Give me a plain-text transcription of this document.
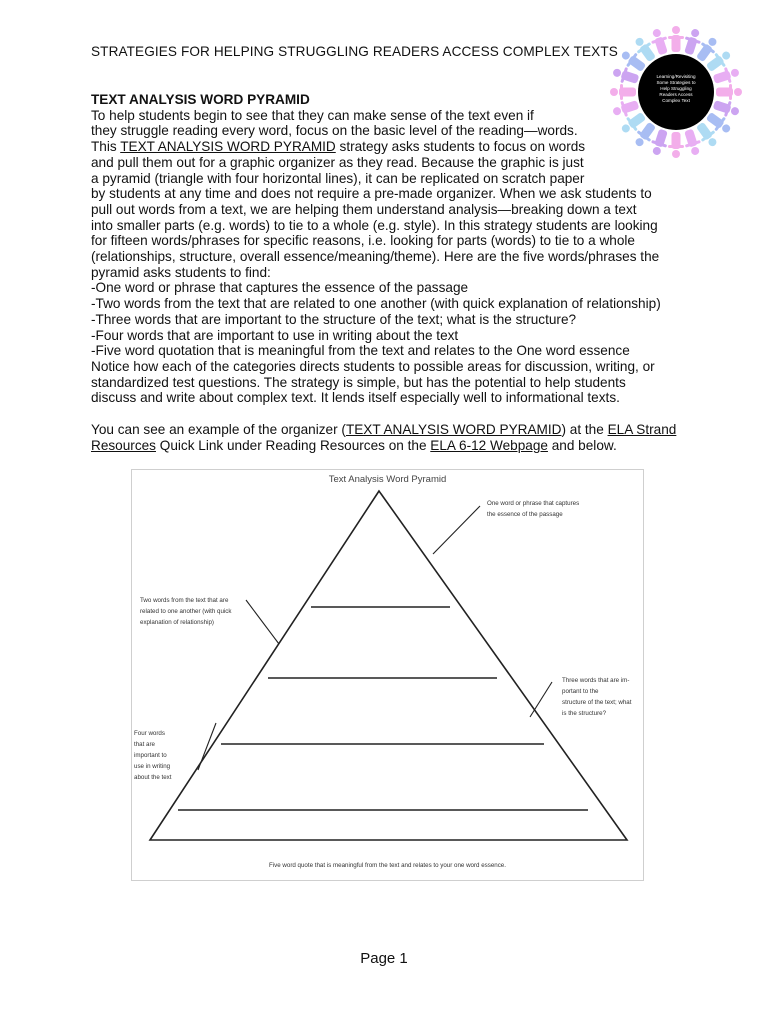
STRATEGIES FOR HELPING STRUGGLING READERS ACCESS COMPLEX TEXTS
Learning/Revisiting
Some Strategies to
Help Struggling
Readers Access
Complex Text
TEXT ANALYSIS WORD PYRAMID
To help students begin to see that they can make sense of the text even if
they struggle reading every word, focus on the basic level of the reading—words.
This TEXT ANALYSIS WORD PYRAMID strategy asks students to focus on words
and pull them out for a graphic organizer as they read. Because the graphic is just
a pyramid (triangle with four horizontal lines), it can be replicated on scratch paper
by students at any time and does not require a pre-made organizer. When we ask students to
pull out words from a text, we are helping them understand analysis—breaking down a text
into smaller parts (e.g. words) to tie to a whole (e.g. style). In this strategy students are looking
for fifteen words/phrases for specific reasons, i.e. looking for parts (words) to tie to a whole
(relationships, structure, overall essence/meaning/theme). Here are the five words/phrases the
pyramid asks students to find:
-One word or phrase that captures the essence of the passage
-Two words from the text that are related to one another (with quick explanation of relationship)
-Three words that are important to the structure of the text; what is the structure?
-Four words that are important to use in writing about the text
-Five word quotation that is meaningful from the text and relates to the One word essence
Notice how each of the categories directs students to possible areas for discussion, writing, or
standardized test questions. The strategy is simple, but has the potential to help students
discuss and write about complex text. It lends itself especially well to informational texts.
You can see an example of the organizer (TEXT ANALYSIS WORD PYRAMID) at the ELA Strand
Resources Quick Link under Reading Resources on the ELA 6-12 Webpage and below.
Text Analysis Word Pyramid
One word or phrase that captures
the essence of the passage
Two words from the text that are
related to one another (with quick
explanation of relationship)
Three words that are im-
portant to the
structure of the text; what
is the structure?
Four words
that are
important to
use in writing
about the text
Five word quote that is meaningful from the text and relates to your one word essence.
Page 1
